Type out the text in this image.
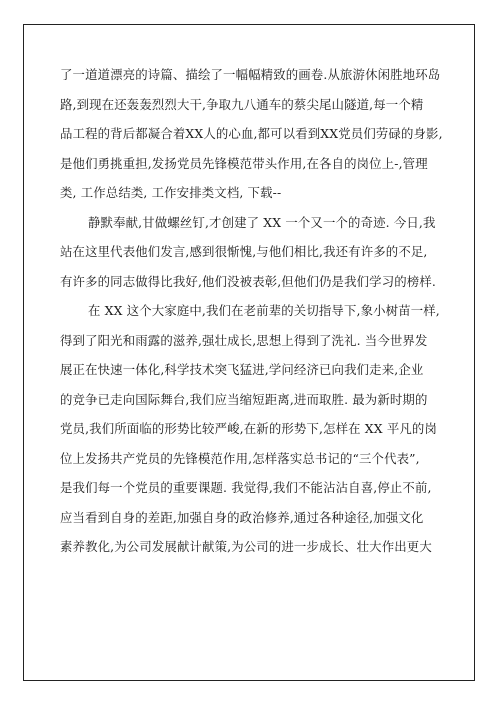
了一道道漂亮的诗篇、描绘了一幅幅精致的画卷.从旅游休闲胜地环岛
路,到现在还轰轰烈烈大干,争取九八通车的蔡尖尾山隧道,每一个精
品工程的背后都凝合着XX人的心血,都可以看到XX党员们劳碌的身影,
是他们勇挑重担,发扬党员先锋模范带头作用,在各自的岗位上-,管理
类, 工作总结类, 工作安排类文档, 下载--
静默奉献,甘做螺丝钉,才创建了 XX 一个又一个的奇迹. 今日,我
站在这里代表他们发言,感到很惭愧,与他们相比,我还有许多的不足,
有许多的同志做得比我好,他们没被表彰,但他们仍是我们学习的榜样.
在 XX 这个大家庭中,我们在老前辈的关切指导下,象小树苗一样,
得到了阳光和雨露的滋养,强壮成长,思想上得到了洗礼. 当今世界发
展正在快速一体化,科学技术突飞猛进,学问经济已向我们走来,企业
的竞争已走向国际舞台,我们应当缩短距离,进而取胜. 最为新时期的
党员,我们所面临的形势比较严峻,在新的形势下,怎样在 XX 平凡的岗
位上发扬共产党员的先锋模范作用,怎样落实总书记的“三个代表”,
是我们每一个党员的重要课题. 我觉得,我们不能沾沾自喜,停止不前,
应当看到自身的差距,加强自身的政治修养,通过各种途径,加强文化
素养教化,为公司发展献计献策,为公司的进一步成长、壮大作出更大
